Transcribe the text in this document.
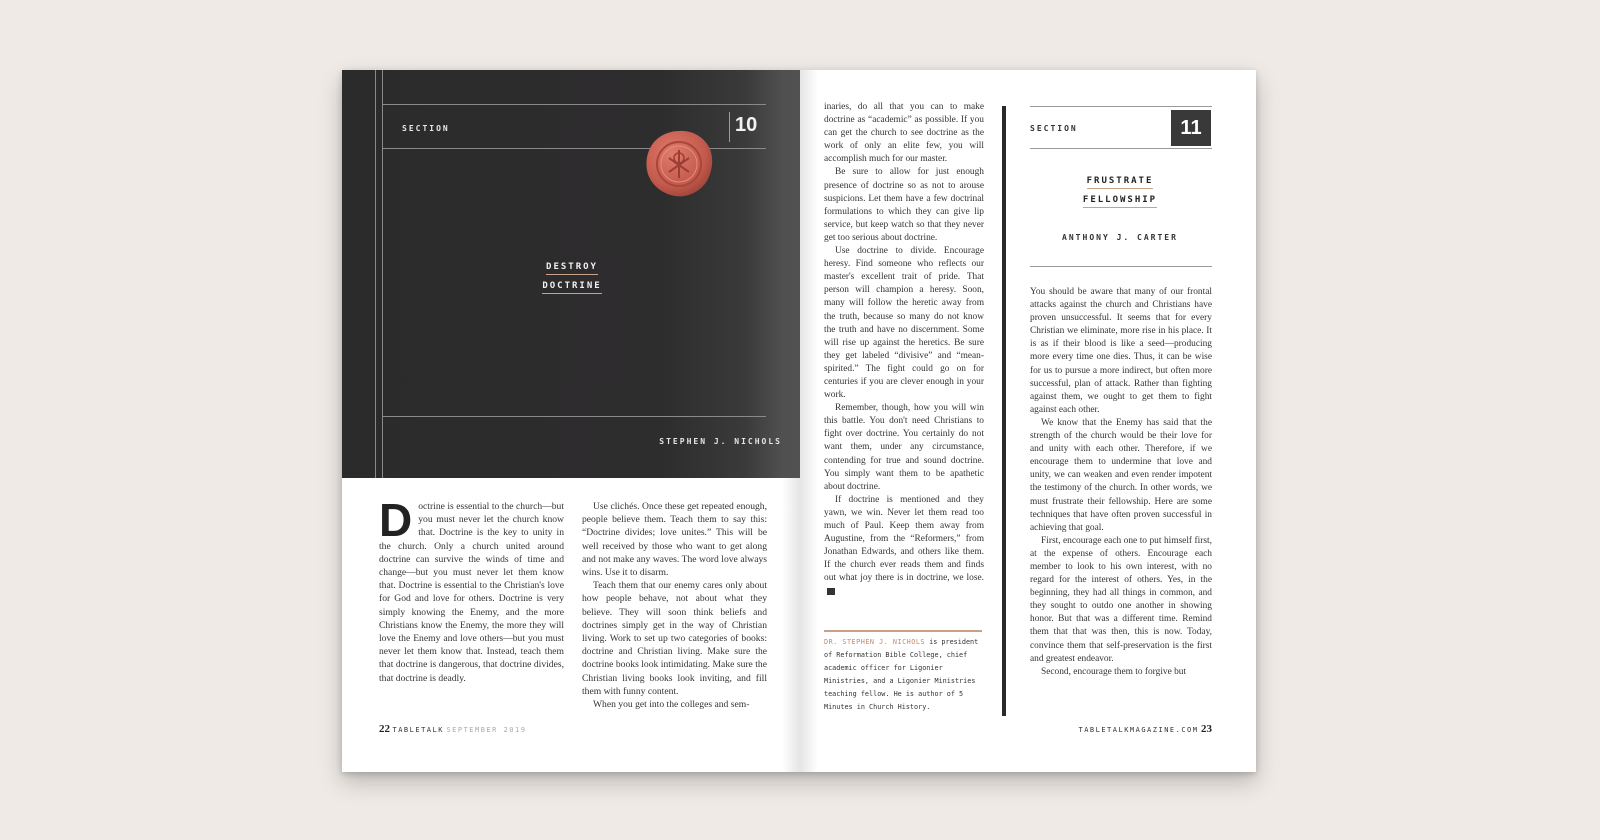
SECTION	10
DESTROY
DOCTRINE
STEPHEN J. NICHOLS
D octrine is essential to the church—but you must never let the church know that. Doctrine is the key to unity in the church. Only a church united around doctrine can survive the winds of time and change—but you must never let them know that. Doctrine is essential to the Christian's love for God and love for others. Doctrine is very simply knowing the Enemy, and the more Christians know the Enemy, the more they will love the Enemy and love others—but you must never let them know that. Instead, teach them that doctrine is dangerous, that doctrine divides, that doctrine is deadly.

Use clichés. Once these get repeated enough, people believe them. Teach them to say this: “Doctrine divides; love unites.” This will be well received by those who want to get along and not make any waves. The word love always wins. Use it to disarm.

Teach them that our enemy cares only about how people behave, not about what they believe. They will soon think beliefs and doctrines simply get in the way of Christian living. Work to set up two categories of books: doctrine and Christian living. Make sure the doctrine books look intimidating. Make sure the Christian living books look inviting, and fill them with funny content.

When you get into the colleges and sem-

22 TABLETALK SEPTEMBER 2019

inaries, do all that you can to make doctrine as “academic” as possible. If you can get the church to see doctrine as the work of only an elite few, you will accomplish much for our master.

Be sure to allow for just enough presence of doctrine so as not to arouse suspicions. Let them have a few doctrinal formulations to which they can give lip service, but keep watch so that they never get too serious about doctrine.

Use doctrine to divide. Encourage heresy. Find someone who reflects our master's excellent trait of pride. That person will champion a heresy. Soon, many will follow the heretic away from the truth, because so many do not know the truth and have no discernment. Some will rise up against the heretics. Be sure they get labeled “divisive” and “mean-spirited.” The fight could go on for centuries if you are clever enough in your work.

Remember, though, how you will win this battle. You don't need Christians to fight over doctrine. You certainly do not want them, under any circumstance, contending for true and sound doctrine. You simply want them to be apathetic about doctrine.

If doctrine is mentioned and they yawn, we win. Never let them read too much of Paul. Keep them away from Augustine, from the “Reformers,” from Jonathan Edwards, and others like them. If the church ever reads them and finds out what joy there is in doctrine, we lose.

DR. STEPHEN J. NICHOLS is president of Reformation Bible College, chief academic officer for Ligonier Ministries, and a Ligonier Ministries teaching fellow. He is author of 5 Minutes in Church History.
SECTION	11
FRUSTRATE
FELLOWSHIP
ANTHONY J. CARTER

You should be aware that many of our frontal attacks against the church and Christians have proven unsuccessful. It seems that for every Christian we eliminate, more rise in his place. It is as if their blood is like a seed—producing more every time one dies. Thus, it can be wise for us to pursue a more indirect, but often more successful, plan of attack. Rather than fighting against them, we ought to get them to fight against each other.

We know that the Enemy has said that the strength of the church would be their love for and unity with each other. Therefore, if we encourage them to undermine that love and unity, we can weaken and even render impotent the testimony of the church. In other words, we must frustrate their fellowship. Here are some techniques that have often proven successful in achieving that goal.

First, encourage each one to put himself first, at the expense of others. Encourage each member to look to his own interest, with no regard for the interest of others. Yes, in the beginning, they had all things in common, and they sought to outdo one another in showing honor. But that was a different time. Remind them that that was then, this is now. Today, convince them that self-preservation is the first and greatest endeavor.

Second, encourage them to forgive but

TABLETALKMAGAZINE.COM 23
